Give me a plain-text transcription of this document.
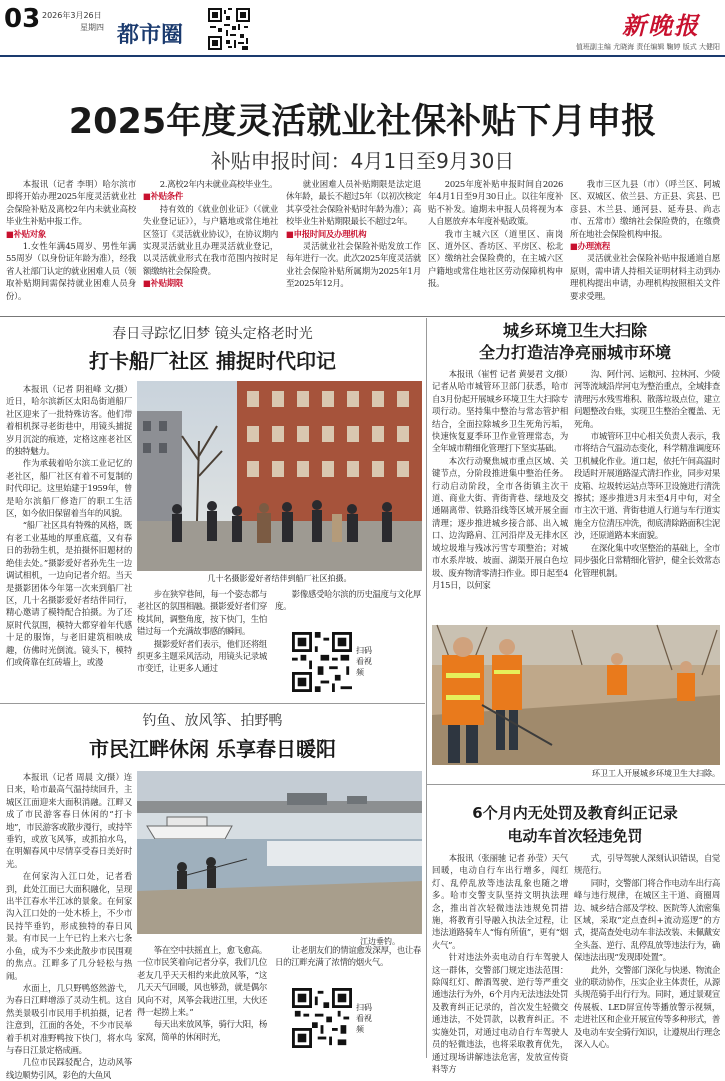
03 2026年3月26日
星期四 都市圈	新晚报
值班副主编 尤晓海 责任编辑 鞠婷 版式 大健阳
2025年度灵活就业社保补贴下月申报
补贴申报时间：4月1日至9月30日

本报讯（记者 李明）哈尔滨市即将开始办理2025年度灵活就业社会保险补贴及离校2年内未就业高校毕业生补贴申报工作。

■补贴对象

1.女性年满45周岁、男性年满55周岁（以身份证年龄为准），经我省人社部门认定的就业困难人员（领取补贴期间需保持就业困难人员身份）。

2.离校2年内未就业高校毕业生。

■补贴条件

持有效的《就业创业证》（《就业失业登记证》），与户籍地或常住地社区签订《灵活就业协议》，在协议期内实现灵活就业且办理灵活就业登记，以灵活就业形式在我市范围内按时足额缴纳社会保险费。

■补贴期限

就业困难人员补贴期限是法定退休年龄，最长不超过5年（以初次核定其享受社会保险补贴时年龄为准）；高校毕业生补贴期限最长不超过2年。

■申报时间及办理机构

灵活就业社会保险补贴发放工作每年进行一次。此次2025年度灵活就业社会保险补贴所属期为2025年1月至2025年12月。

2025年度补贴申报时间自2026年4月1日至9月30日止。以往年度补贴不补发。逾期未申报人员将视为本人自愿放弃本年度补贴政策。

我市主城六区（道里区、南岗区、道外区、香坊区、平房区、松北区）缴纳社会保险费的，在主城六区户籍地或常住地社区劳动保障机构申报。

我市三区九县（市）（呼兰区、阿城区、双城区、依兰县、方正县、宾县、巴彦县、木兰县、通河县、延寿县、尚志市、五常市）缴纳社会保险费的，在缴费所在地社会保险机构申报。

■办理流程

灵活就业社会保险补贴申报通道自愿原则，需申请人持相关证明材料主动到办理机构提出申请，办理机构按照相关文件要求受理。

春日寻踪忆旧梦 镜头定格老时光
打卡船厂社区 捕捉时代印记

本报讯（记者 阴祖峰 文/摄）近日，哈尔滨新区太阳岛街道船厂社区迎来了一批特殊访客。他们带着相机探寻老街巷中，用镜头捕捉岁月沉淀的痕迹，定格这座老社区的独特魅力。

作为承载着哈尔滨工业记忆的老社区，船厂社区有着不可复制的时代印记。这里始建于1959年，曾是哈尔滨船厂修造厂的职工生活区，如今依旧保留着当年的风貌。

“船厂社区具有特殊的风格，既有老工业基地的厚重底蕴，又有春日的勃勃生机，是拍摄怀旧题材的绝佳去处。”摄影爱好者孙先生一边调试相机，一边向记者介绍。当天是摄影团体今年第一次来到船厂社区，几十名摄影爱好者结伴同行，精心邀请了模特配合拍摄。为了还原时代氛围，模特大都穿着年代感十足的服饰，与老旧建筑相映成趣，仿佛时光倒流。镜头下，模特们或倚靠在红砖墙上，或漫

几十名摄影爱好者结伴到船厂社区拍摄。

步在狭窄巷间，每一个姿态都与老社区的氛围相融。摄影爱好者们穿梭其间，调整角度，按下快门，生怕错过每一个充满故事感的瞬间。

摄影爱好者们表示，他们还将组织更多主题采风活动，用镜头记录城市变迁，让更多人通过

影像感受哈尔滨的历史温度与文化厚度。

扫码看视频
钓鱼、放风筝、拍野鸭
市民江畔休闲 乐享春日暖阳

本报讯（记者 周晨 文/摄）连日来，哈市最高气温持续回升，主城区江面迎来大面积消融。江畔又成了市民游客春日休闲的“打卡地”，市民游客或散步漫行，或持竿垂钓，或放飞风筝，或抓拍水鸟，在明媚春风中尽情享受春日美好时光。

在何家沟入江口处，记者看到，此处江面已大面积融化，呈现出半江春水半江冰的景象。在何家沟入江口处的一处木桥上，不少市民持竿垂钓，形成独特的春日风景。有市民一上午已钓上来六七条小鱼，成为不少来此散步市民围观的焦点。江畔多了几分轻松与热闹。

水面上，几只野鸭悠然游弋，为春日江畔增添了灵动生机。这自然美景吸引市民用手机拍摄，记者注意到，江面的各处，不少市民举着手机对准野鸭按下快门，将水鸟与春日江景定格成画。

几位市民踩驳配合，边动风筝线边顺势引风，彩色的大鱼风

江边垂钓。

筝在空中扶摇直上，愈飞愈高。一位市民笑着向记者分享，我们几位老友几乎天天相约来此放风筝，“这几天天气回暖，风也够劲，就是偶尔风向不对，风筝会栽进江里，大伙还得一起捞上来。”

每天出来放风筝，骑行大阳，杨家窝，简单的休闲时光，

让老朋友们的情谊愈发深厚，也让春日的江畔充满了浓情的烟火气。

扫码看视频
城乡环境卫生大扫除
全力打造洁净亮丽城市环境

本报讯（崔哲 记者 黄晏君 文/摄）记者从哈市城管环卫部门获悉，哈市自3月份起开展城乡环境卫生大扫除专项行动。坚持集中整治与常态管护相结合，全面拉除城乡卫生死角污垢，快速恢复夏季环卫作业管理常态，为全年城市精细化管理打下坚实基础。

本次行动聚焦城市重点区域、关键节点，分阶段推进集中整治任务。行动启动阶段，全市各街镇主次干道、商业大街、背街背巷、绿地及交通隔离带、铁路沿线等区域开展全面清理；逐步推进城乡接合部、出入城口、边沟路肩、江河沿岸及无排水区域垃圾堆与残冰污雪专项整治；对城市水系岸坡、坡面、湖渠开展白色垃圾、废弃物清零清扫作业。即日起至4月15日，以何家

沟、阿什河、运粮河、拉林河、少陵河等流域沿岸河屯为整治重点，全域排查清理污水残雪堆积、散落垃圾点位，建立问题整改台账，实现卫生整治全覆盖、无死角。

市城管环卫中心相关负责人表示，我市将结合气温动态变化，科学精准调度环卫机械化作业。道口起，依托午间高温时段适时开展道路湿式清扫作业，同步对果皮箱、垃圾转运站点等环卫设施进行清洗擦拭；逐步推进3月末至4月中旬，对全市主次干道、背街巷道人行道与车行道实施全方位清压冲洗，彻底清除路面积尘泥沙，还原道路本来面貌。

在深化集中攻坚整治的基础上，全市同步强化日常精细化管护，健全长效常态化管理机制。

环卫工人开展城乡环境卫生大扫除。
6个月内无处罚及教育纠正记录
电动车首次轻违免罚

本报讯（张丽驰 记者 孙莹）天气回暖，电动自行车出行增多，闯红灯、乱停乱放等违法乱象也随之增多。哈市交警支队坚持文明执法理念，推出首次轻微违法违规免罚措施，将教育引导融入执法全过程，让违法道路骑车人“悔有所值”，更有“烟火气”。

针对违法外卖电动自行车驾驶人这一群体，交警部门规定违法范围：除闯红灯、醉酒驾驶、逆行等严重交通违法行为外，6个月内无法违法处罚及教育纠正记录的，首次发生轻微交通违法，不处罚款，以教育纠正。不实施处罚，对通过电动自行车驾驶人员的轻微违法，也将采取教育优先，通过现场讲解违法危害，发放宣传资料等方

式，引导驾驶人深刻认识错误，自觉规范行。

同时，交警部门将合作电动车出行高峰与违行规律，在城区主干道、商圈周边、城乡结合部及学校、医院等人流密集区域，采取“定点查纠+流动巡逻”的方式，提高查处电动车非法改装、未佩戴安全头盔、逆行、乱停乱放等违法行为，确保违法出现“发现即处置”。

此外，交警部门深化与快递、物流企业的联动协作，压实企业主体责任，从源头规范骑手出行行为。同时，通过景观宣传展板、LED屏宣传等播放警示视频，走进社区和企业开展宣传等多种形式，普及电动车安全骑行知识，让遵规出行理念深入人心。
